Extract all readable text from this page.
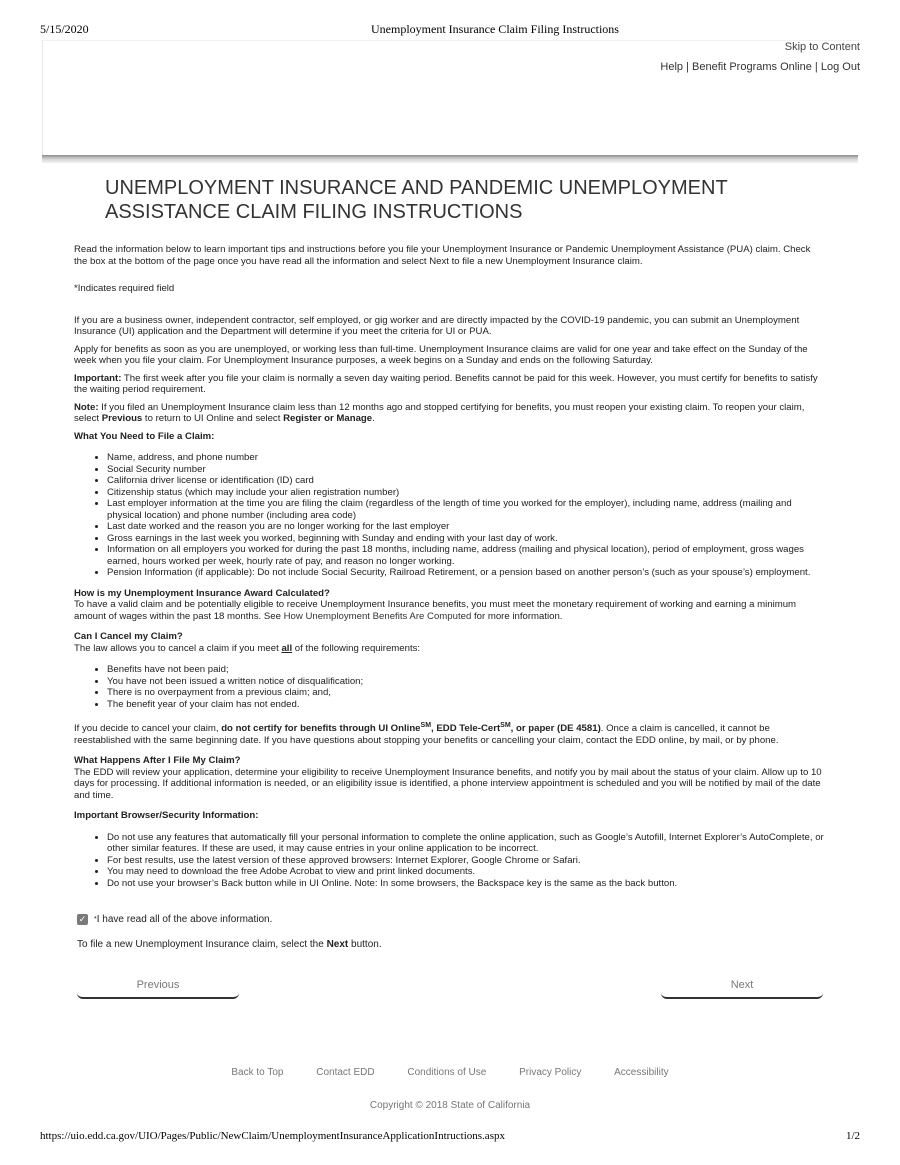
5/15/2020	Unemployment Insurance Claim Filing Instructions
Skip to Content
Help | Benefit Programs Online | Log Out
UNEMPLOYMENT INSURANCE AND PANDEMIC UNEMPLOYMENT ASSISTANCE CLAIM FILING INSTRUCTIONS

Read the information below to learn important tips and instructions before you file your Unemployment Insurance or Pandemic Unemployment Assistance (PUA) claim. Check the box at the bottom of the page once you have read all the information and select Next to file a new Unemployment Insurance claim.

*Indicates required field

If you are a business owner, independent contractor, self employed, or gig worker and are directly impacted by the COVID-19 pandemic, you can submit an Unemployment Insurance (UI) application and the Department will determine if you meet the criteria for UI or PUA.

Apply for benefits as soon as you are unemployed, or working less than full-time. Unemployment Insurance claims are valid for one year and take effect on the Sunday of the week when you file your claim. For Unemployment Insurance purposes, a week begins on a Sunday and ends on the following Saturday.

Important: The first week after you file your claim is normally a seven day waiting period. Benefits cannot be paid for this week. However, you must certify for benefits to satisfy the waiting period requirement.

Note: If you filed an Unemployment Insurance claim less than 12 months ago and stopped certifying for benefits, you must reopen your existing claim. To reopen your claim, select Previous to return to UI Online and select Register or Manage.

What You Need to File a Claim:

• Name, address, and phone number
• Social Security number
• California driver license or identification (ID) card
• Citizenship status (which may include your alien registration number)
• Last employer information at the time you are filing the claim (regardless of the length of time you worked for the employer), including name, address (mailing and physical location) and phone number (including area code)
• Last date worked and the reason you are no longer working for the last employer
• Gross earnings in the last week you worked, beginning with Sunday and ending with your last day of work.
• Information on all employers you worked for during the past 18 months, including name, address (mailing and physical location), period of employment, gross wages earned, hours worked per week, hourly rate of pay, and reason no longer working.
• Pension Information (if applicable): Do not include Social Security, Railroad Retirement, or a pension based on another person’s (such as your spouse’s) employment.

How is my Unemployment Insurance Award Calculated?
To have a valid claim and be potentially eligible to receive Unemployment Insurance benefits, you must meet the monetary requirement of working and earning a minimum amount of wages within the past 18 months. See How Unemployment Benefits Are Computed for more information.

Can I Cancel my Claim?
The law allows you to cancel a claim if you meet all of the following requirements:

• Benefits have not been paid;
• You have not been issued a written notice of disqualification;
• There is no overpayment from a previous claim; and,
• The benefit year of your claim has not ended.

If you decide to cancel your claim, do not certify for benefits through UI Online℠, EDD Tele-Cert℠, or paper (DE 4581). Once a claim is cancelled, it cannot be reestablished with the same beginning date. If you have questions about stopping your benefits or cancelling your claim, contact the EDD online, by mail, or by phone.

What Happens After I File My Claim?
The EDD will review your application, determine your eligibility to receive Unemployment Insurance benefits, and notify you by mail about the status of your claim. Allow up to 10 days for processing. If additional information is needed, or an eligibility issue is identified, a phone interview appointment is scheduled and you will be notified by mail of the date and time.

Important Browser/Security Information:

• Do not use any features that automatically fill your personal information to complete the online application, such as Google’s Autofill, Internet Explorer’s AutoComplete, or other similar features. If these are used, it may cause entries in your online application to be incorrect.
• For best results, use the latest version of these approved browsers: Internet Explorer, Google Chrome or Safari.
• You may need to download the free Adobe Acrobat to view and print linked documents.
• Do not use your browser’s Back button while in UI Online. Note: In some browsers, the Backspace key is the same as the back button.
✓ * I have read all of the above information.
To file a new Unemployment Insurance claim, select the Next button.
Previous	Next
Back to Top	Contact EDD	Conditions of Use	Privacy Policy	Accessibility
Copyright © 2018 State of California
https://uio.edd.ca.gov/UIO/Pages/Public/NewClaim/UnemploymentInsuranceApplicationIntructions.aspx	1/2
